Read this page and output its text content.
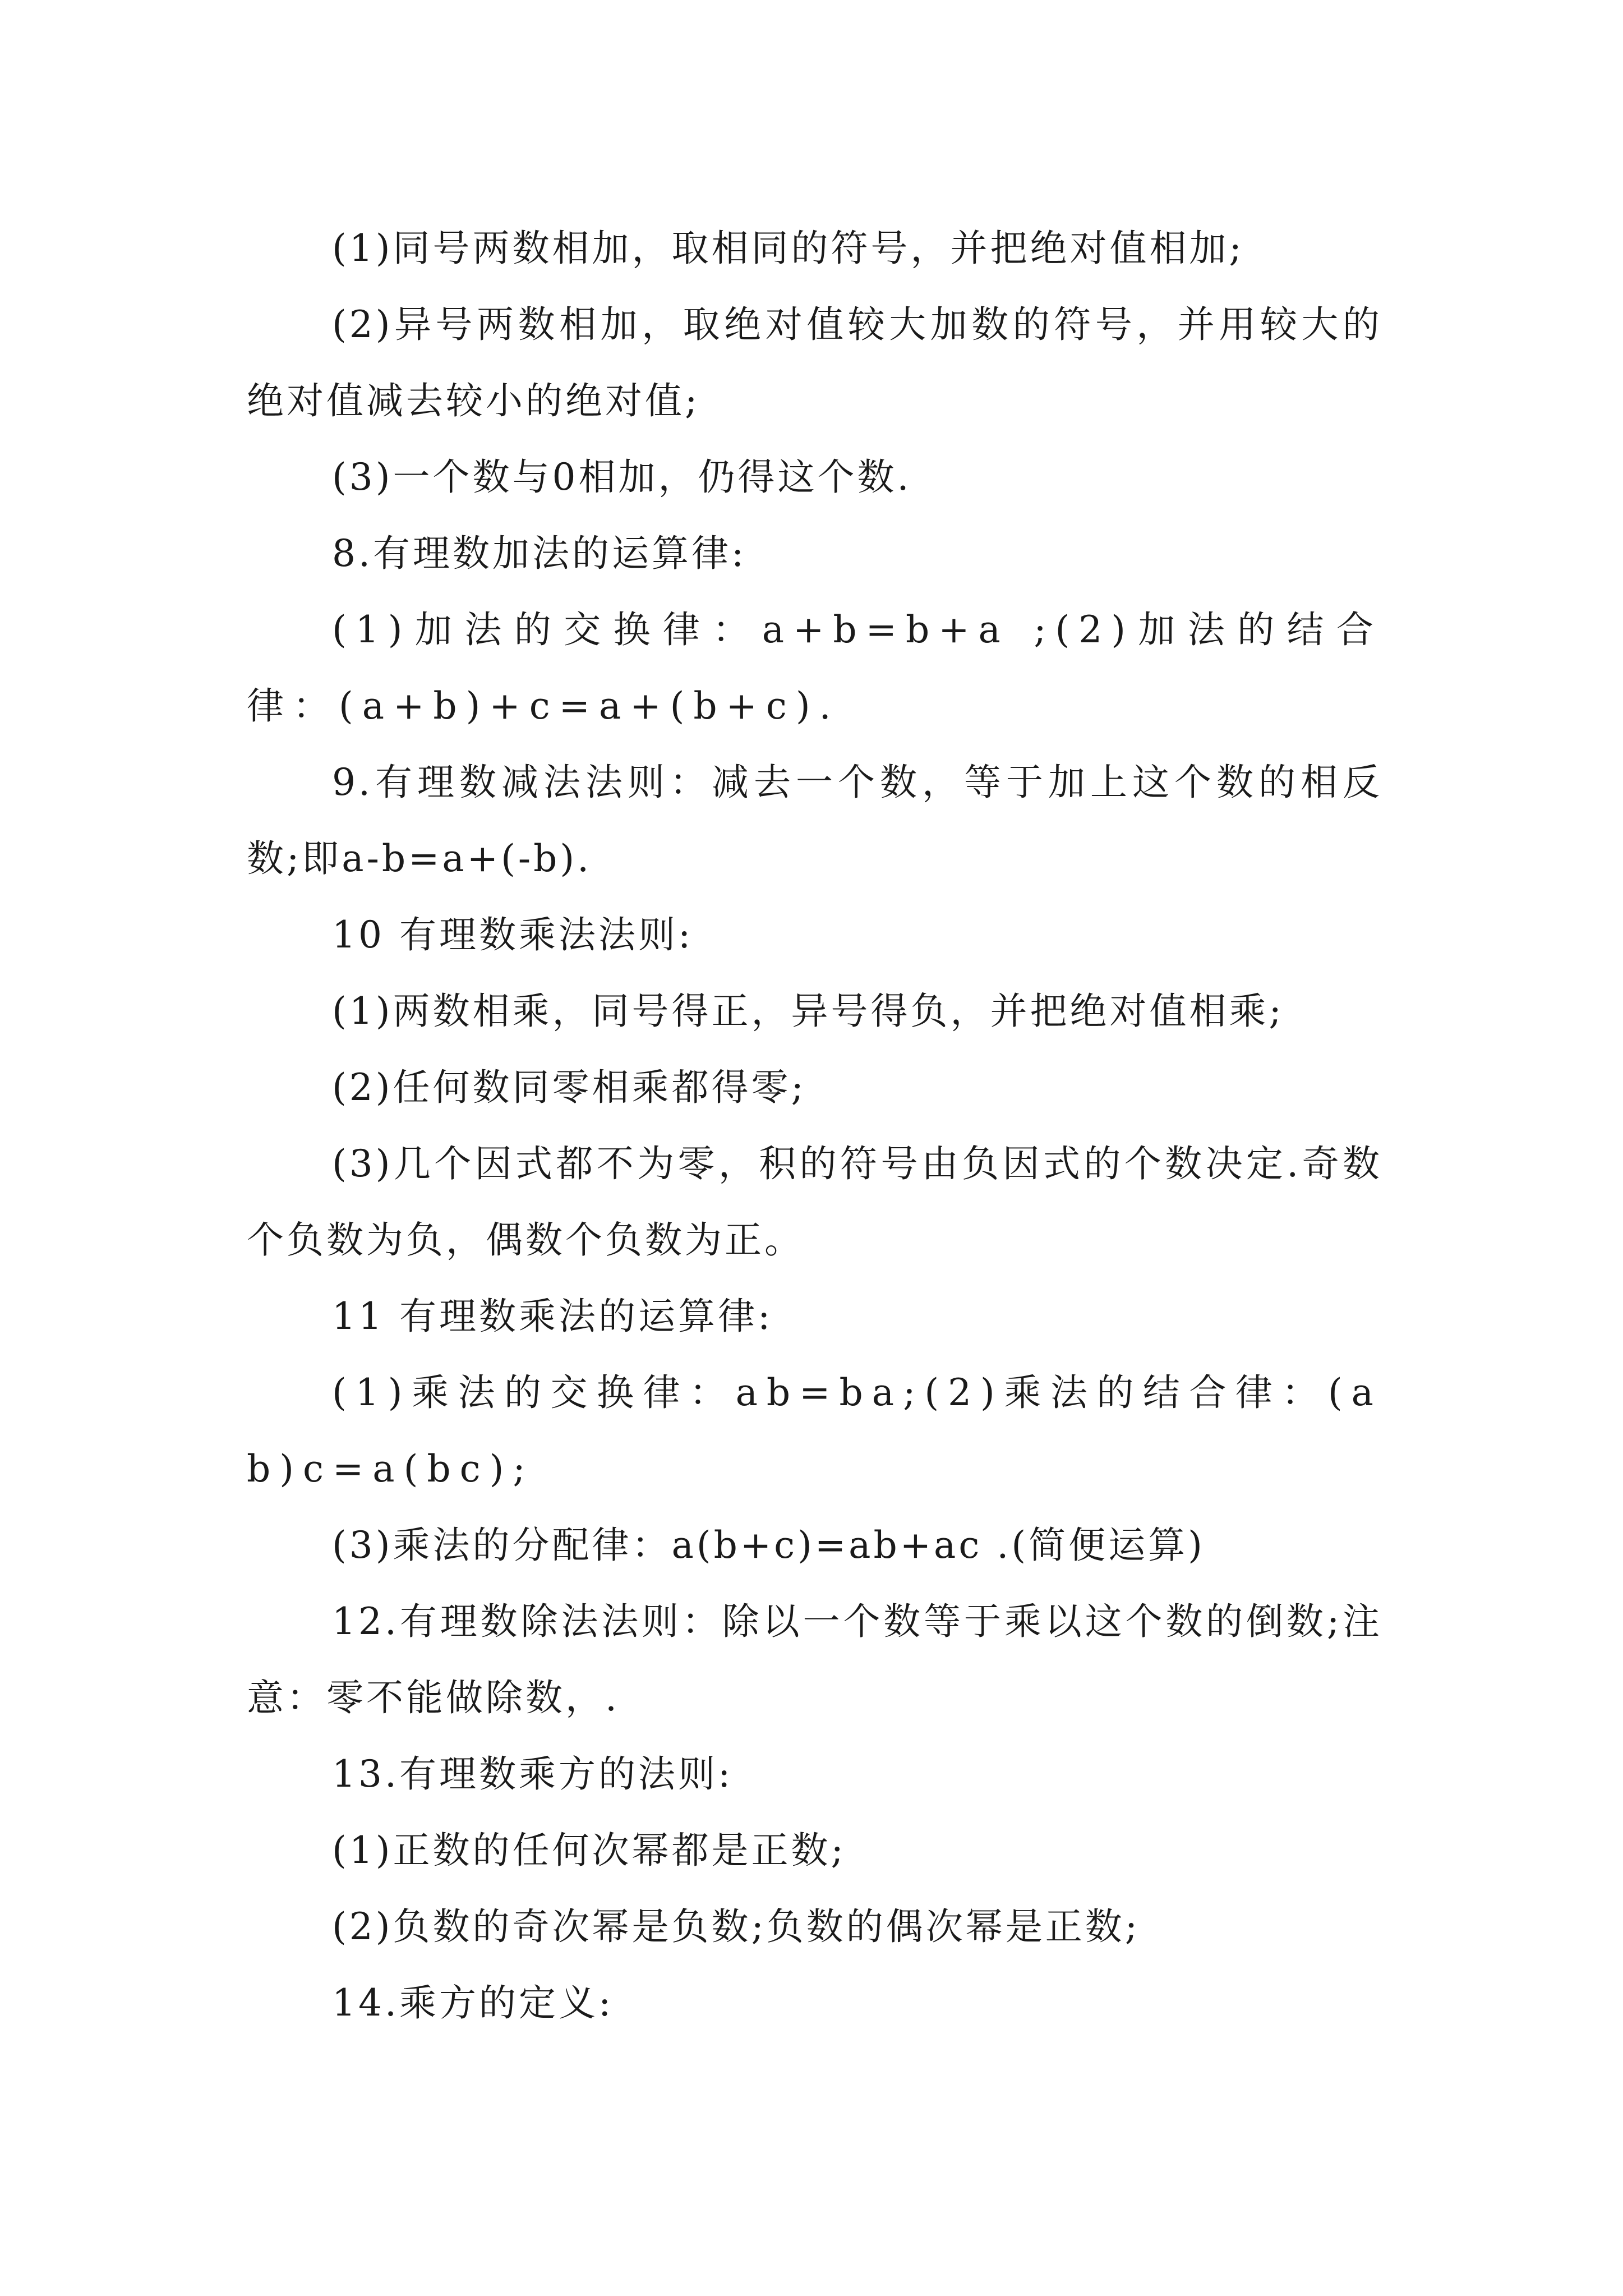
(1)同号两数相加，取相同的符号，并把绝对值相加;

(2)异号两数相加，取绝对值较大加数的符号，并用较大的绝对值减去较小的绝对值;

(3)一个数与0相加，仍得这个数.

8.有理数加法的运算律:

(1)加法的交换律：a+b=b+a ;(2)加法的结合律：(a+b)+c=a+(b+c).

9.有理数减法法则：减去一个数，等于加上这个数的相反数;即a-b=a+(-b).

10 有理数乘法法则:

(1)两数相乘，同号得正，异号得负，并把绝对值相乘;

(2)任何数同零相乘都得零;

(3)几个因式都不为零，积的符号由负因式的个数决定.奇数个负数为负，偶数个负数为正。

11 有理数乘法的运算律:

(1)乘法的交换律：ab=ba;(2)乘法的结合律：(ab)c=a(bc);

(3)乘法的分配律：a(b+c)=ab+ac .(简便运算)

12.有理数除法法则：除以一个数等于乘以这个数的倒数;注意：零不能做除数，.

13.有理数乘方的法则:

(1)正数的任何次幂都是正数;

(2)负数的奇次幂是负数;负数的偶次幂是正数;

14.乘方的定义:
